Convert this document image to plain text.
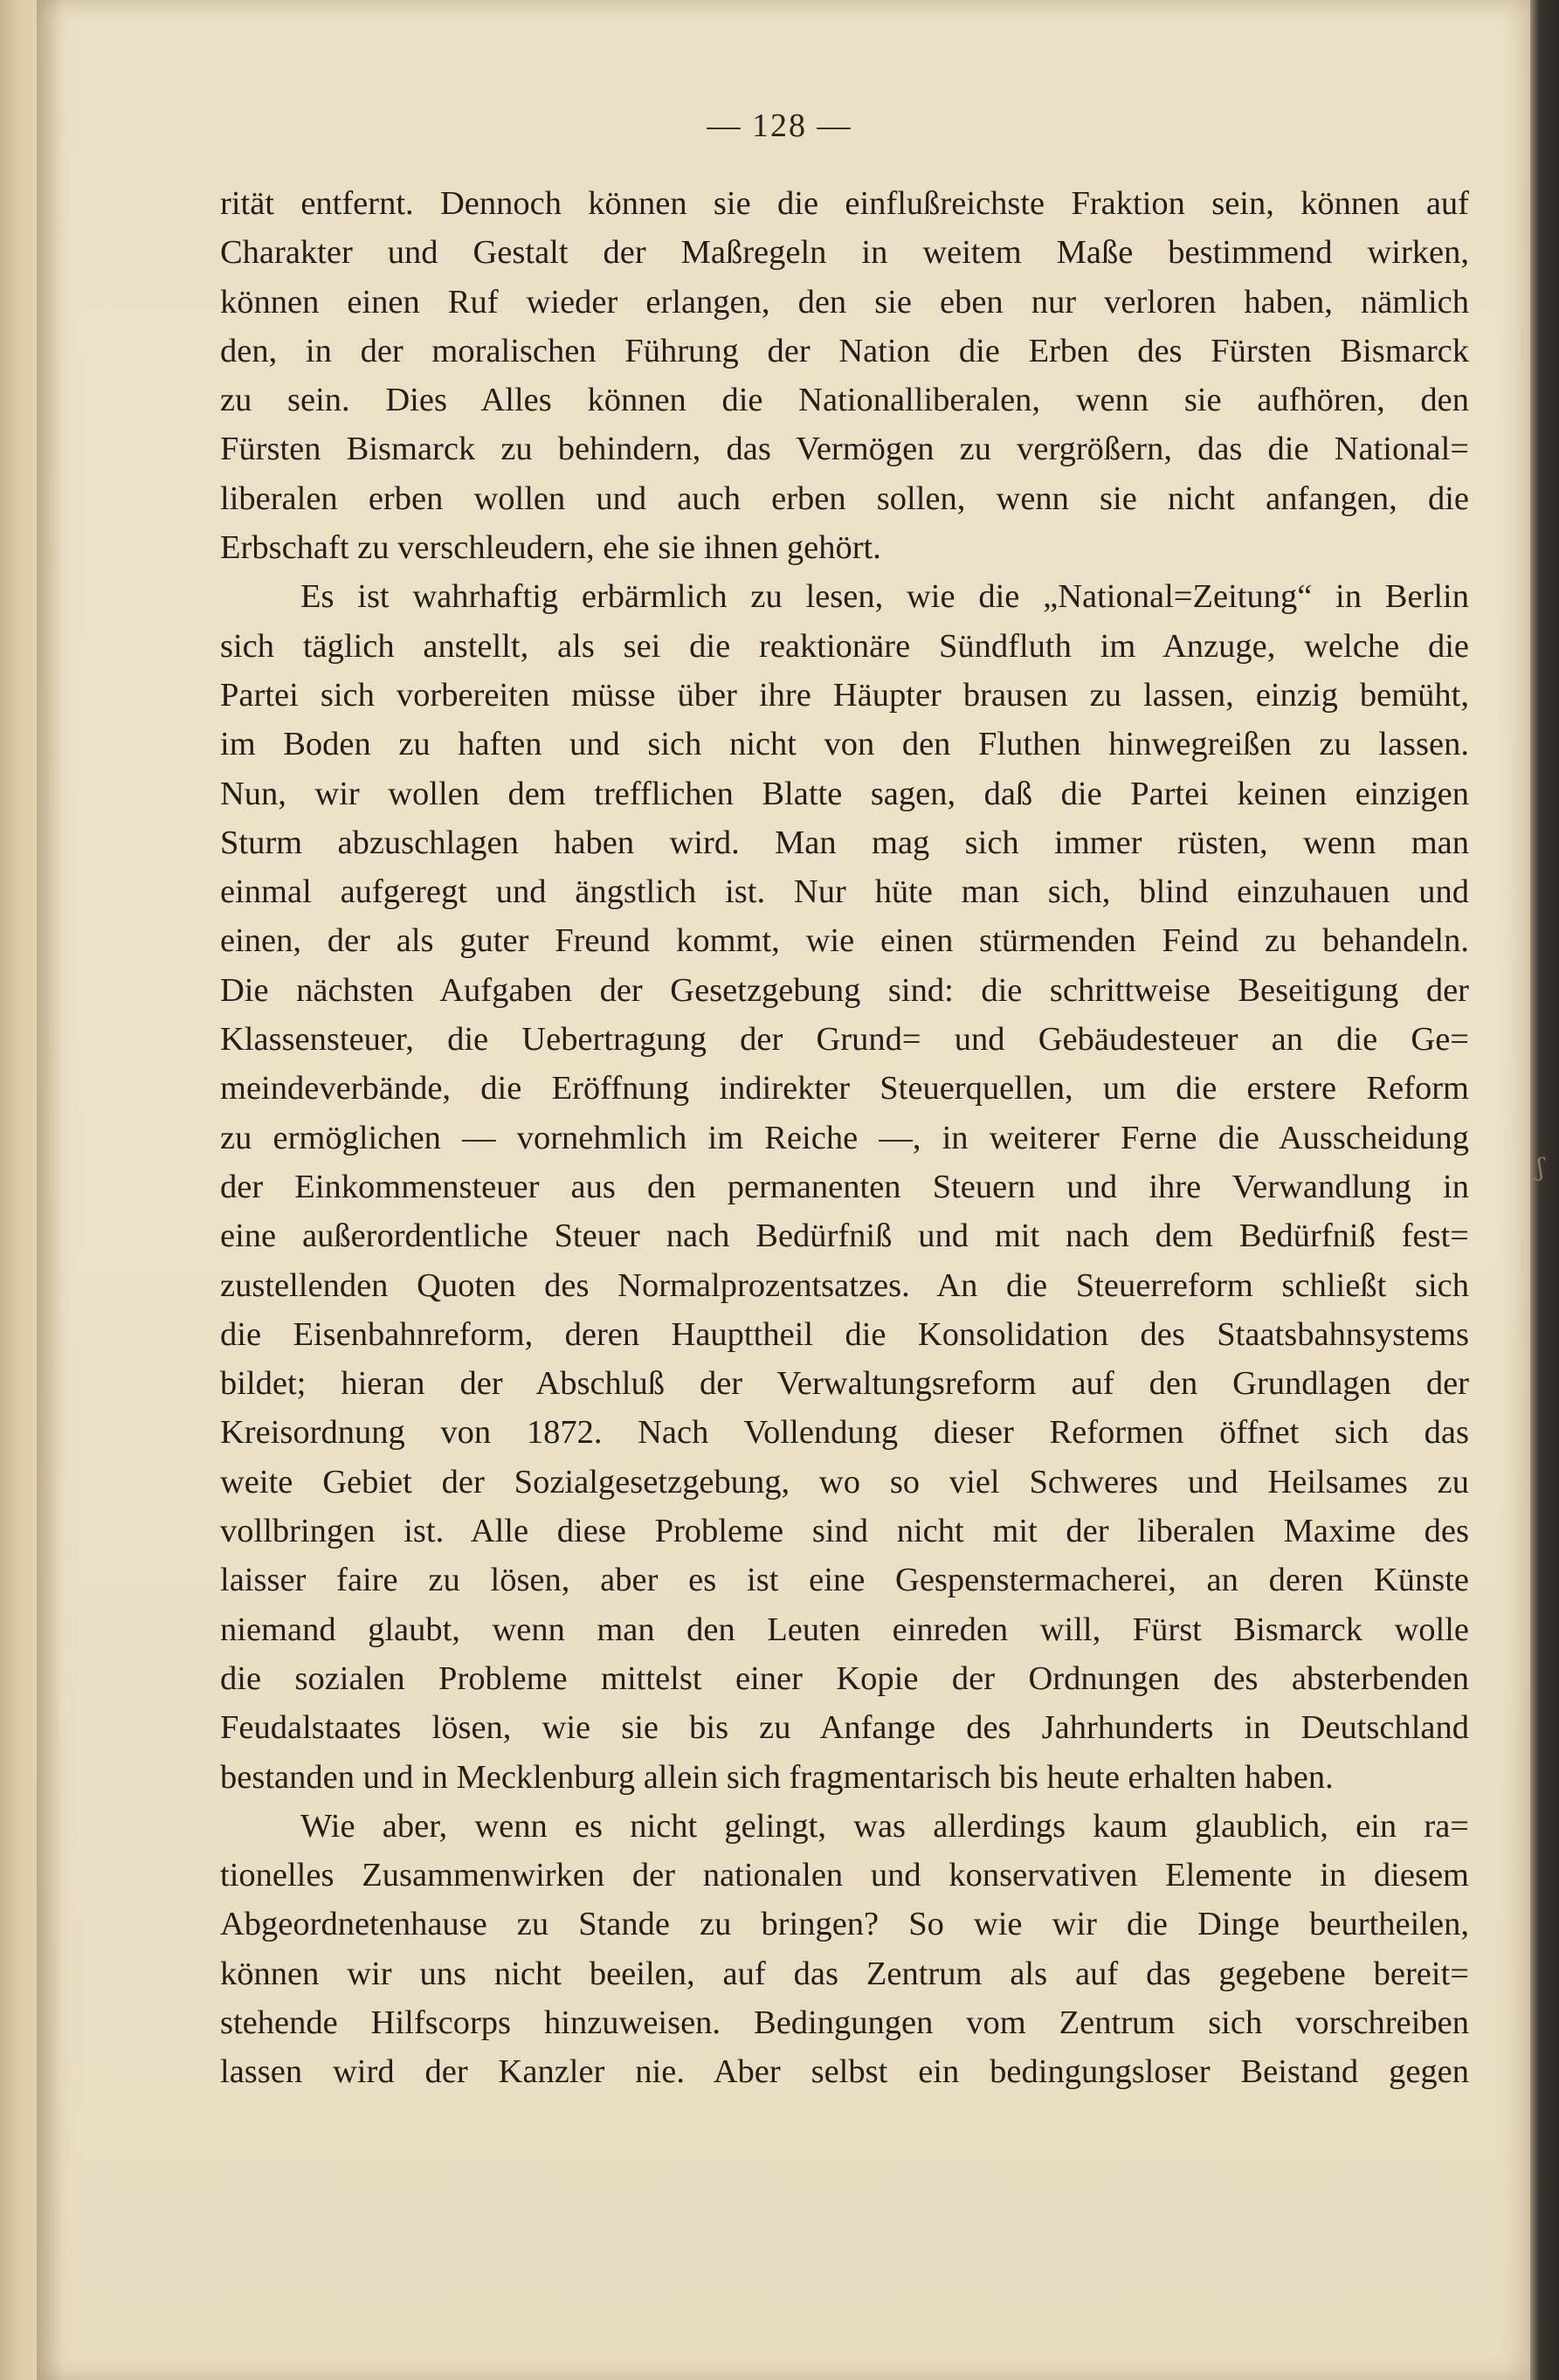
— 128 —
rität entfernt. Dennoch können sie die einflußreichste Fraktion sein, können auf
Charakter und Gestalt der Maßregeln in weitem Maße bestimmend wirken,
können einen Ruf wieder erlangen, den sie eben nur verloren haben, nämlich
den, in der moralischen Führung der Nation die Erben des Fürsten Bismarck
zu sein. Dies Alles können die Nationalliberalen, wenn sie aufhören, den
Fürsten Bismarck zu behindern, das Vermögen zu vergrößern, das die National=
liberalen erben wollen und auch erben sollen, wenn sie nicht anfangen, die
Erbschaft zu verschleudern, ehe sie ihnen gehört.
Es ist wahrhaftig erbärmlich zu lesen, wie die „National=Zeitung“ in Berlin
sich täglich anstellt, als sei die reaktionäre Sündfluth im Anzuge, welche die
Partei sich vorbereiten müsse über ihre Häupter brausen zu lassen, einzig bemüht,
im Boden zu haften und sich nicht von den Fluthen hinwegreißen zu lassen.
Nun, wir wollen dem trefflichen Blatte sagen, daß die Partei keinen einzigen
Sturm abzuschlagen haben wird. Man mag sich immer rüsten, wenn man
einmal aufgeregt und ängstlich ist. Nur hüte man sich, blind einzuhauen und
einen, der als guter Freund kommt, wie einen stürmenden Feind zu behandeln.
Die nächsten Aufgaben der Gesetzgebung sind: die schrittweise Beseitigung der
Klassensteuer, die Uebertragung der Grund= und Gebäudesteuer an die Ge=
meindeverbände, die Eröffnung indirekter Steuerquellen, um die erstere Reform
zu ermöglichen — vornehmlich im Reiche —, in weiterer Ferne die Ausscheidung
der Einkommensteuer aus den permanenten Steuern und ihre Verwandlung in
eine außerordentliche Steuer nach Bedürfniß und mit nach dem Bedürfniß fest=
zustellenden Quoten des Normalprozentsatzes. An die Steuerreform schließt sich
die Eisenbahnreform, deren Haupttheil die Konsolidation des Staatsbahnsystems
bildet; hieran der Abschluß der Verwaltungsreform auf den Grundlagen der
Kreisordnung von 1872. Nach Vollendung dieser Reformen öffnet sich das
weite Gebiet der Sozialgesetzgebung, wo so viel Schweres und Heilsames zu
vollbringen ist. Alle diese Probleme sind nicht mit der liberalen Maxime des
laisser faire zu lösen, aber es ist eine Gespenstermacherei, an deren Künste
niemand glaubt, wenn man den Leuten einreden will, Fürst Bismarck wolle
die sozialen Probleme mittelst einer Kopie der Ordnungen des absterbenden
Feudalstaates lösen, wie sie bis zu Anfange des Jahrhunderts in Deutschland
bestanden und in Mecklenburg allein sich fragmentarisch bis heute erhalten haben.
Wie aber, wenn es nicht gelingt, was allerdings kaum glaublich, ein ra=
tionelles Zusammenwirken der nationalen und konservativen Elemente in diesem
Abgeordnetenhause zu Stande zu bringen? So wie wir die Dinge beurtheilen,
können wir uns nicht beeilen, auf das Zentrum als auf das gegebene bereit=
stehende Hilfscorps hinzuweisen. Bedingungen vom Zentrum sich vorschreiben
lassen wird der Kanzler nie. Aber selbst ein bedingungsloser Beistand gegen
ʃ
